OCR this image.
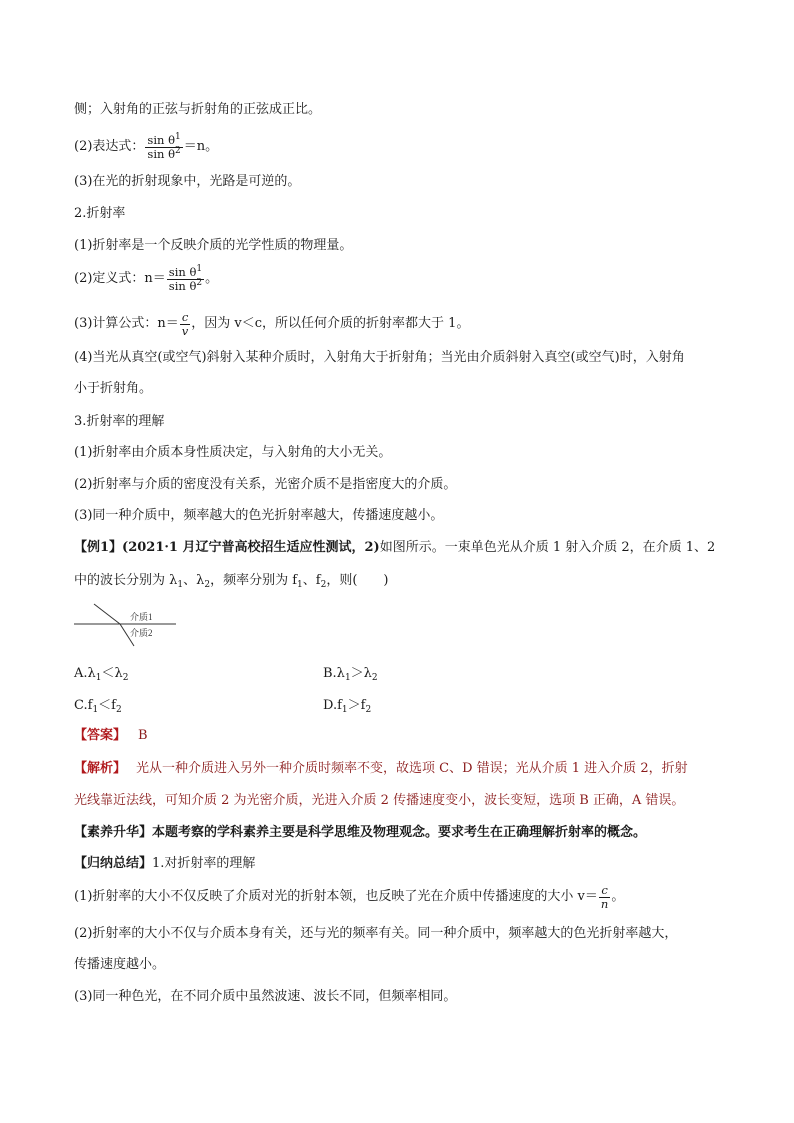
侧；入射角的正弦与折射角的正弦成正比。
(2)表达式： $\frac{\sin \theta^1}{\sin \theta^2} =n$。
(3)在光的折射现象中，光路是可逆的。
2.折射率
(1)折射率是一个反映介质的光学性质的物理量。
(2)定义式：$n= \frac{\sin \theta^1}{\sin \theta^2}$ 。
(3)计算公式：$n= \frac{c}{v}$ ，因为 v＜c，所以任何介质的折射率都大于 1。
(4)当光从真空(或空气)斜射入某种介质时，入射角大于折射角；当光由介质斜射入真空(或空气)时，入射角
小于折射角。
3.折射率的理解
(1)折射率由介质本身性质决定，与入射角的大小无关。
(2)折射率与介质的密度没有关系，光密介质不是指密度大的介质。
(3)同一种介质中，频率越大的色光折射率越大，传播速度越小。
【例1】(2021·1 月辽宁普高校招生适应性测试，2)如图所示。一束单色光从介质 1 射入介质 2，在介质 1、2
中的波长分别为 $\lambda_1$、$\lambda_2$，频率分别为 $f_1$、$f_2$，则(　　)
介质1
介质2
$A.\lambda_1<\lambda_2$	$B.\lambda_1>\lambda_2$
$C.f_1<f_2$	$D.f_1>f_2$
【答案】 B
【解析】 光从一种介质进入另外一种介质时频率不变，故选项 C、D 错误；光从介质 1 进入介质 2，折射
光线靠近法线，可知介质 2 为光密介质，光进入介质 2 传播速度变小，波长变短，选项 B 正确，A 错误。
【素养升华】本题考察的学科素养主要是科学思维及物理观念。要求考生在正确理解折射率的概念。
【归纳总结】1.对折射率的理解
(1)折射率的大小不仅反映了介质对光的折射本领，也反映了光在介质中传播速度的大小 $v= \frac{c}{n}$ 。
(2)折射率的大小不仅与介质本身有关，还与光的频率有关。同一种介质中，频率越大的色光折射率越大，
传播速度越小。
(3)同一种色光，在不同介质中虽然波速、波长不同，但频率相同。
